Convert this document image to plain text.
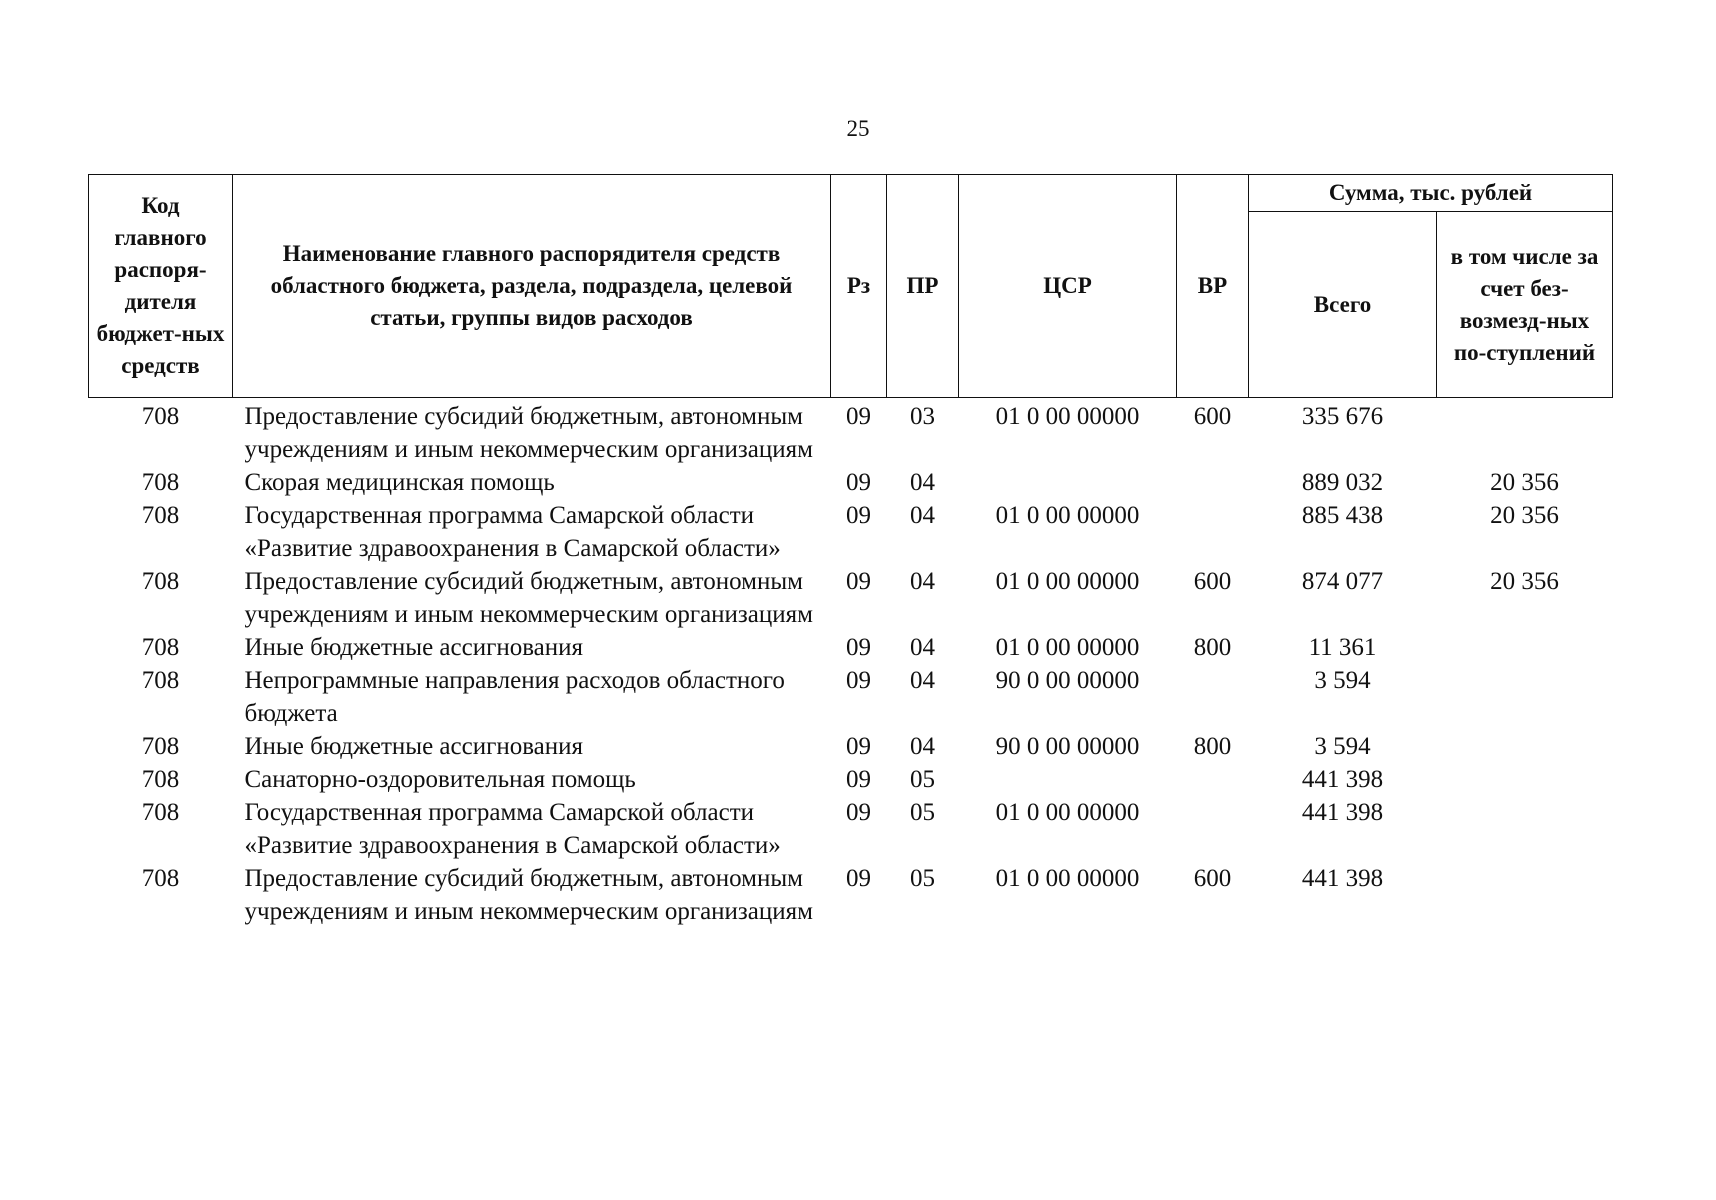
25
Код главного распоря-дителя бюджет-ных средств	Наименование главного распорядителя средств областного бюджета, раздела, подраздела, целевой статьи, группы видов расходов	Рз	ПР	ЦСР	ВР	Сумма, тыс. рублей	
						Всего	в том числе за счет без-возмезд-ных по-ступлений
708	Предоставление субсидий бюджетным, автономным учреждениям и иным некоммерческим организациям	09	03	01 0 00 00000	600	335 676	
708	Скорая медицинская помощь	09	04			889 032	20 356
708	Государственная программа Самарской области «Развитие здравоохранения в Самарской области»	09	04	01 0 00 00000		885 438	20 356
708	Предоставление субсидий бюджетным, автономным учреждениям и иным некоммерческим организациям	09	04	01 0 00 00000	600	874 077	20 356
708	Иные бюджетные ассигнования	09	04	01 0 00 00000	800	11 361	
708	Непрограммные направления расходов областного бюджета	09	04	90 0 00 00000		3 594	
708	Иные бюджетные ассигнования	09	04	90 0 00 00000	800	3 594	
708	Санаторно-оздоровительная помощь	09	05			441 398	
708	Государственная программа Самарской области «Развитие здравоохранения в Самарской области»	09	05	01 0 00 00000		441 398	
708	Предоставление субсидий бюджетным, автономным учреждениям и иным некоммерческим организациям	09	05	01 0 00 00000	600	441 398	
